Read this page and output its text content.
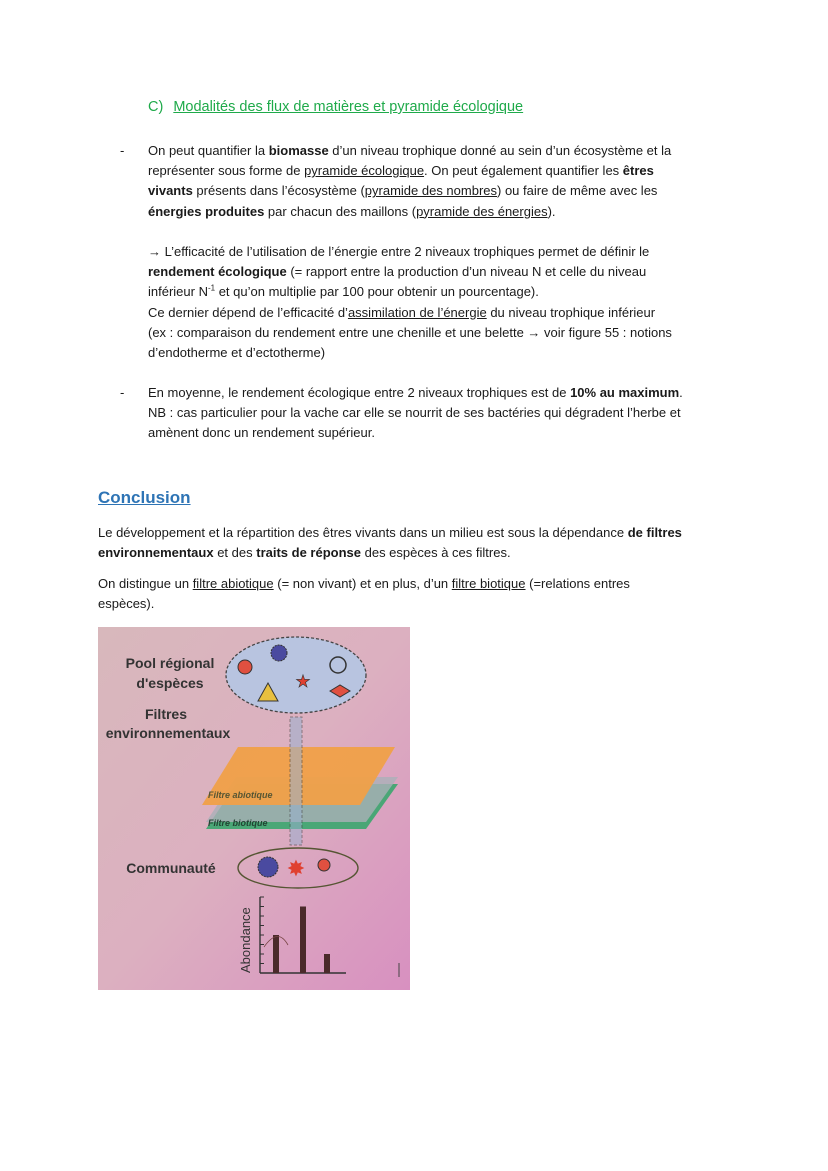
C) Modalités des flux de matières et pyramide écologique
-
-
Conclusion
Pool régional
d'espèces	★
Filtres
environnementaux
Filtre abiotique
Filtre biotique
Communauté	✸
Abondance
On peut quantifier la biomasse d’un niveau trophique donné au sein d’un écosystème et la
représenter sous forme de pyramide écologique. On peut également quantifier les êtres
vivants présents dans l’écosystème (pyramide des nombres) ou faire de même avec les
énergies produites par chacun des maillons (pyramide des énergies).
→ L’efficacité de l’utilisation de l’énergie entre 2 niveaux trophiques permet de définir le
rendement écologique (= rapport entre la production d’un niveau N et celle du niveau
inférieur $N^{-1}$ et qu’on multiplie par 100 pour obtenir un pourcentage).
Ce dernier dépend de l’efficacité d’assimilation de l’énergie du niveau trophique inférieur
(ex : comparaison du rendement entre une chenille et une belette → voir figure 55 : notions
d’endotherme et d’ectotherme)
En moyenne, le rendement écologique entre 2 niveaux trophiques est de 10% au maximum.
NB : cas particulier pour la vache car elle se nourrit de ses bactéries qui dégradent l’herbe et
amènent donc un rendement supérieur.
Le développement et la répartition des êtres vivants dans un milieu est sous la dépendance de filtres
environnementaux et des traits de réponse des espèces à ces filtres.
On distingue un filtre abiotique (= non vivant) et en plus, d’un filtre biotique (=relations entres
espèces).
